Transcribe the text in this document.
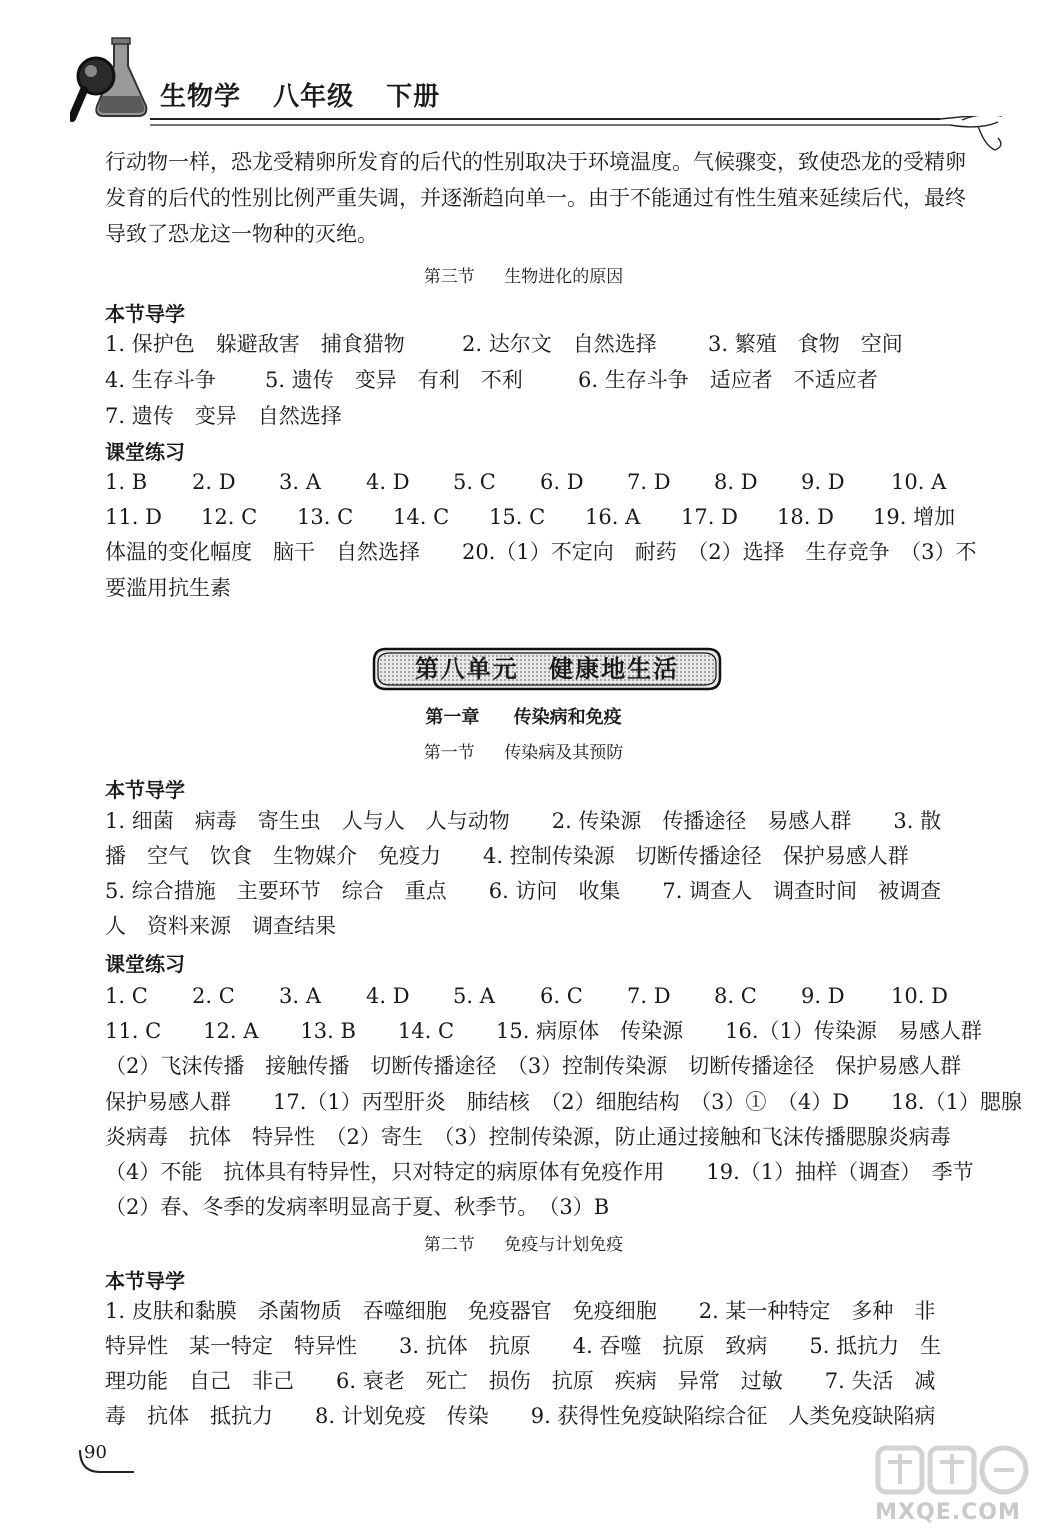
生物学 八年级 下册
行动物一样，恐龙受精卵所发育的后代的性别取决于环境温度。气候骤变，致使恐龙的受精卵
发育的后代的性别比例严重失调，并逐渐趋向单一。由于不能通过有性生殖来延续后代，最终
导致了恐龙这一物种的灭绝。
第三节 生物进化的原因
本节导学
1. 保护色　躲避敌害　捕食猎物	2. 达尔文　自然选择 3. 繁殖　食物　空间
4. 生存斗争 5. 遗传　变异　有利　不利	6. 生存斗争　适应者　不适应者
7. 遗传　变异　自然选择
课堂练习
1. B 2. D 3. A 4. D 5. C 6. D 7. D 8. D 9. D 10. A
11. D 12. C 13. C 14. C 15. C 16. A 17. D 18. D 19. 增加
体温的变化幅度　脑干　自然选择　　20.（1）不定向　耐药　（2）选择　生存竞争　（3）不
要滥用抗生素
第八单元 健康地生活
第一章 传染病和免疫
第一节 传染病及其预防
本节导学
1. 细菌　病毒　寄生虫　人与人　人与动物　　2. 传染源　传播途径　易感人群　　3. 散
播　空气　饮食　生物媒介　免疫力　　4. 控制传染源　切断传播途径　保护易感人群
5. 综合措施　主要环节　综合　重点　　6. 访问　收集　　7. 调查人　调查时间　被调查
人　资料来源　调查结果
课堂练习
1. C 2. C 3. A 4. D 5. A 6. C 7. D 8. C 9. D 10. D
11. C　　12. A　　13. B　　14. C　　15. 病原体　传染源　　16.（1）传染源　易感人群
（2）飞沫传播　接触传播　切断传播途径　（3）控制传染源　切断传播途径　保护易感人群
保护易感人群　　17.（1）丙型肝炎　肺结核　（2）细胞结构　（3）①　（4）D　　18.（1）腮腺
炎病毒　抗体　特异性　（2）寄生　（3）控制传染源，防止通过接触和飞沫传播腮腺炎病毒
（4）不能　抗体具有特异性，只对特定的病原体有免疫作用　　19.（1）抽样（调查）　季节
（2）春、冬季的发病率明显高于夏、秋季节。　（3）B
第二节 免疫与计划免疫
本节导学
1. 皮肤和黏膜　杀菌物质　吞噬细胞　免疫器官　免疫细胞　　2. 某一种特定　多种　非
特异性　某一特定　特异性　　3. 抗体　抗原　　4. 吞噬　抗原　致病　　5. 抵抗力　生
理功能　自己　非己　　6. 衰老　死亡　损伤　抗原　疾病　异常　过敏　　7. 失活　减
毒　抗体　抵抗力　　8. 计划免疫　传染　　9. 获得性免疫缺陷综合征　人类免疫缺陷病
90
MXQE.COM
